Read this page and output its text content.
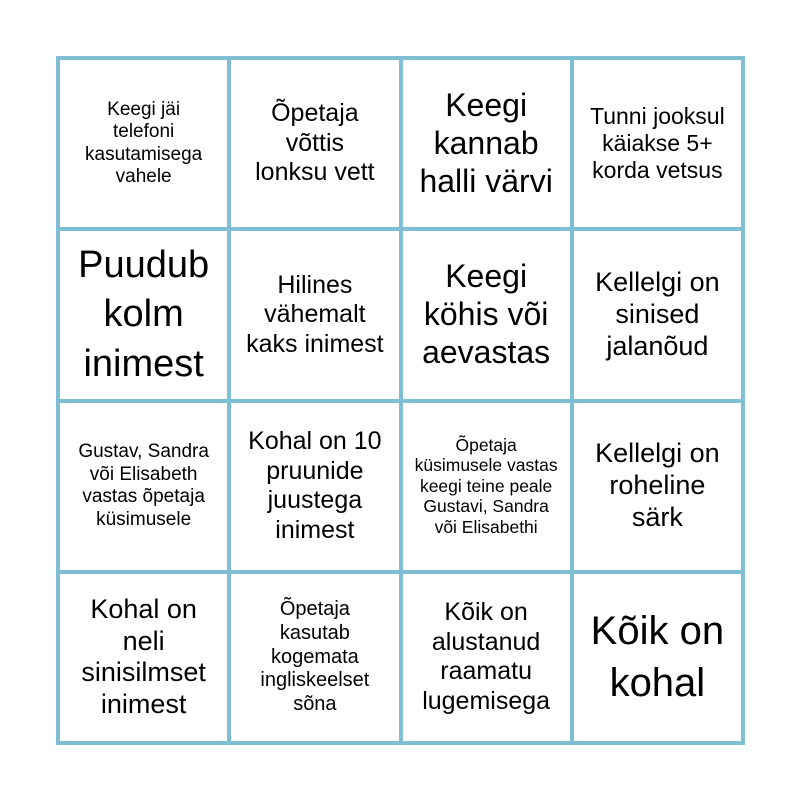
Keegi jäi telefoni kasutamisega vahele
Õpetaja võttis lonksu vett
Keegi kannab halli värvi
Tunni jooksul käiakse 5+ korda vetsus
Puudub kolm inimest
Hilines vähemalt kaks inimest
Keegi köhis või aevastas
Kellelgi on sinised jalanõud
Gustav, Sandra või Elisabeth vastas õpetaja küsimusele
Kohal on 10 pruunide juustega inimest
Õpetaja küsimusele vastas keegi teine peale Gustavi, Sandra või Elisabethi
Kellelgi on roheline särk
Kohal on neli sinisilmset inimest
Õpetaja kasutab kogemata ingliskeelset sõna
Kõik on alustanud raamatu lugemisega
Kõik on kohal
